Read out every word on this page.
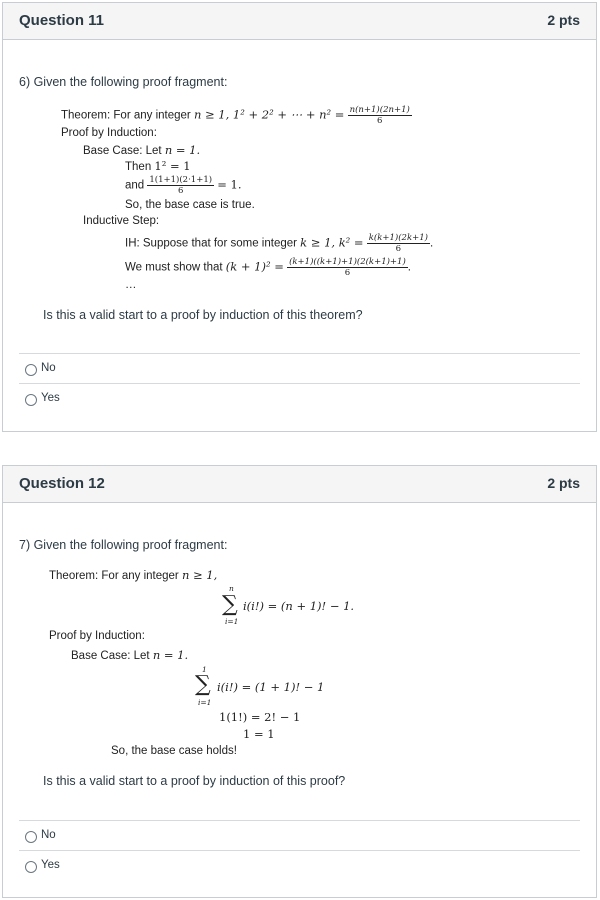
Question 11	2 pts
6) Given the following proof fragment:
Theorem: For any integer n ≥ 1, 1² + 2² + ⋯ + $n^2 = \frac{n(n+1)(2n+1)}{6}$
Proof by Induction:
Base Case: Let n = 1.
Then 1² = 1
and $\frac{1(1+1)(2\cdot 1+1)}{6} = 1$.
So, the base case is true.
Inductive Step:
IH: Suppose that for some integer k ≥ 1, $k^2 = \frac{k(k+1)(2k+1)}{6}$ .
We must show that $(k + 1)^2 = \frac{(k+1)((k+1)+1)(2(k+1)+1)}{6}$ .
…
Is this a valid start to a proof by induction of this theorem?
No
Yes
Question 12	2 pts
7) Given the following proof fragment:
Theorem: For any integer n ≥ 1,
n
∑
i=1
i(i!) = (n + 1)! − 1.
Proof by Induction:
Base Case: Let n = 1.
1
∑
i=1
i(i!) = (1 + 1)! − 1
1(1!) = 2! − 1
1 = 1
So, the base case holds!
Is this a valid start to a proof by induction of this proof?
No
Yes
